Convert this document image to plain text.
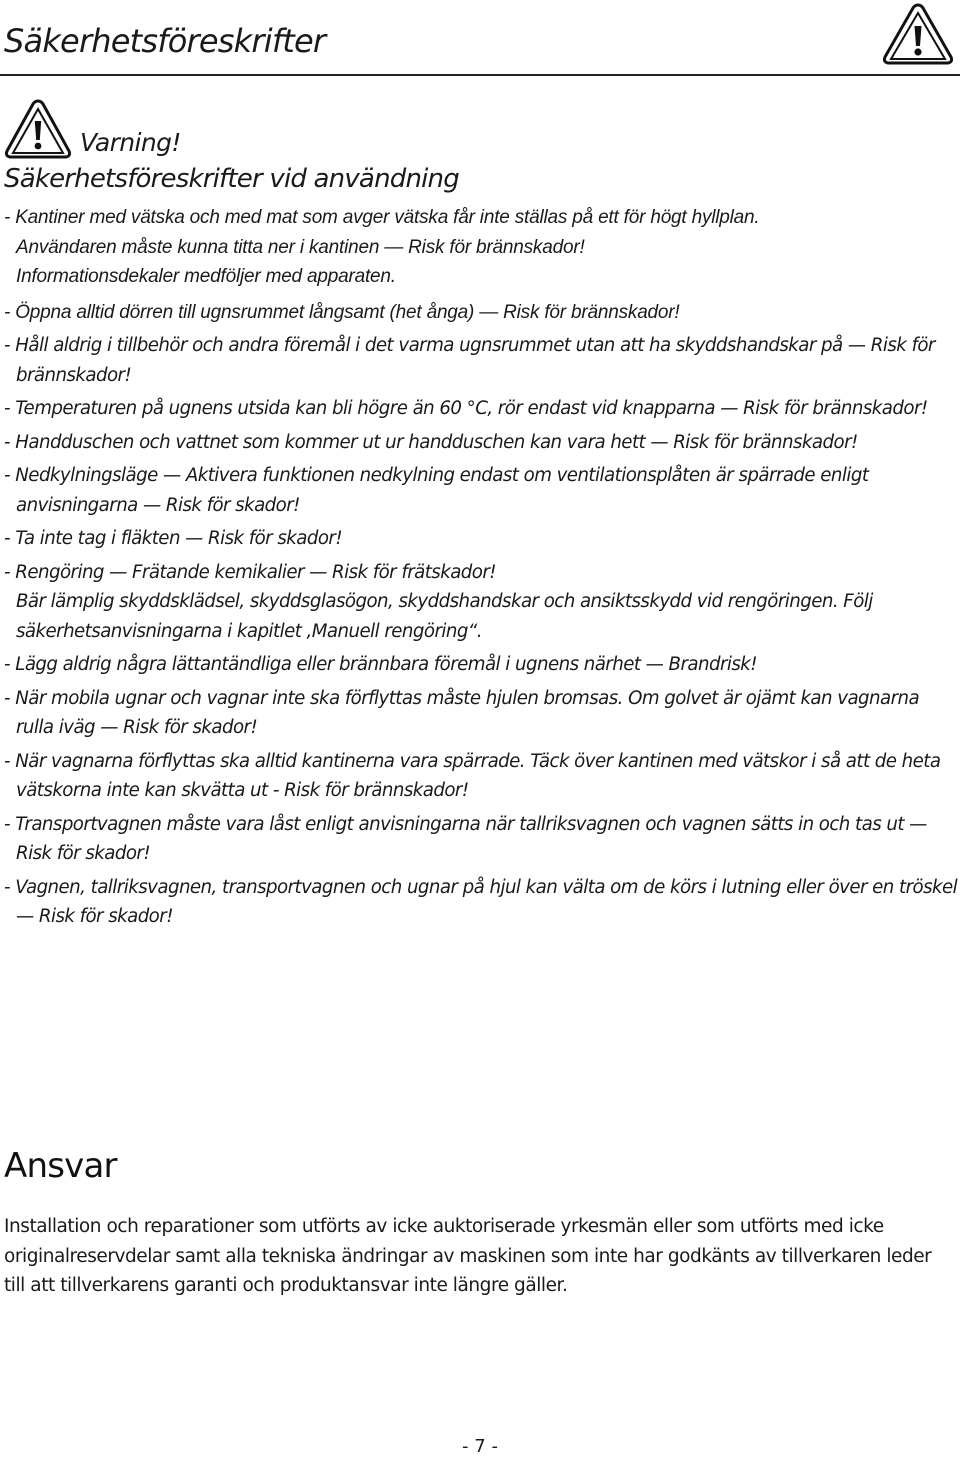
Säkerhetsföreskrifter

Varning!

Säkerhetsföreskrifter vid användning
- Kantiner med vätska och med mat som avger vätska får inte ställas på ett för högt hyllplan.
Användaren måste kunna titta ner i kantinen — Risk för brännskador!
Informationsdekaler medföljer med apparaten.
- Öppna alltid dörren till ugnsrummet långsamt (het ånga) — Risk för brännskador!
- Håll aldrig i tillbehör och andra föremål i det varma ugnsrummet utan att ha skyddshandskar på — Risk för brännskador!
- Temperaturen på ugnens utsida kan bli högre än 60 °C, rör endast vid knapparna — Risk för brännskador!
- Handduschen och vattnet som kommer ut ur handduschen kan vara hett — Risk för brännskador!
- Nedkylningsläge — Aktivera funktionen nedkylning endast om ventilationsplåten är spärrade enligt anvisningarna — Risk för skador!
- Ta inte tag i fläkten — Risk för skador!
- Rengöring — Frätande kemikalier — Risk för frätskador!
Bär lämplig skyddsklädsel, skyddsglasögon, skyddshandskar och ansiktsskydd vid rengöringen. Följ säkerhetsanvisningarna i kapitlet ‚Manuell rengöring“.
- Lägg aldrig några lättantändliga eller brännbara föremål i ugnens närhet — Brandrisk!
- När mobila ugnar och vagnar inte ska förflyttas måste hjulen bromsas. Om golvet är ojämt kan vagnarna rulla iväg — Risk för skador!
- När vagnarna förflyttas ska alltid kantinerna vara spärrade. Täck över kantinen med vätskor i så att de heta vätskorna inte kan skvätta ut - Risk för brännskador!
- Transportvagnen måste vara låst enligt anvisningarna när tallriksvagnen och vagnen sätts in och tas ut — Risk för skador!
- Vagnen, tallriksvagnen, transportvagnen och ugnar på hjul kan välta om de körs i lutning eller över en tröskel — Risk för skador!
Ansvar

Installation och reparationer som utförts av icke auktoriserade yrkesmän eller som utförts med icke originalreservdelar samt alla tekniska ändringar av maskinen som inte har godkänts av tillverkaren leder till att tillverkarens garanti och produktansvar inte längre gäller.

- 7 -
